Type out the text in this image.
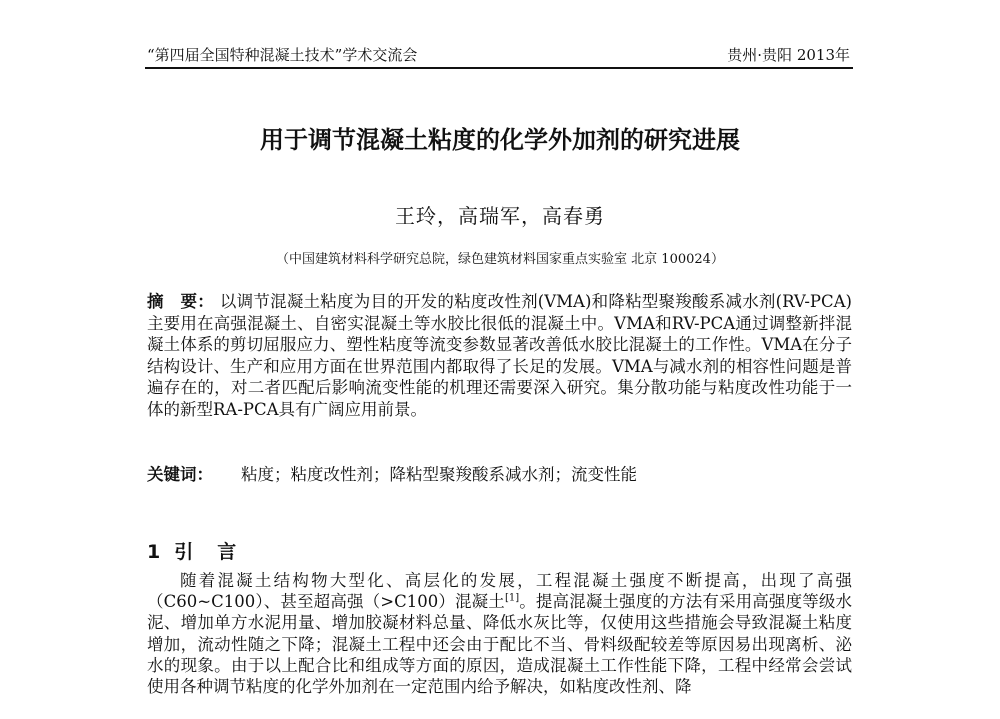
“第四届全国特种混凝土技术”学术交流会	贵州·贵阳 2013年
用于调节混凝土粘度的化学外加剂的研究进展
王玲，高瑞军，高春勇
（中国建筑材料科学研究总院，绿色建筑材料国家重点实验室 北京 100024）
摘　要： 以调节混凝土粘度为目的开发的粘度改性剂(VMA)和降粘型聚羧酸系减水剂(RV-PCA)主要用在高强混凝土、自密实混凝土等水胶比很低的混凝土中。VMA和RV-PCA通过调整新拌混凝土体系的剪切屈服应力、塑性粘度等流变参数显著改善低水胶比混凝土的工作性。VMA在分子结构设计、生产和应用方面在世界范围内都取得了长足的发展。VMA与减水剂的相容性问题是普遍存在的，对二者匹配后影响流变性能的机理还需要深入研究。集分散功能与粘度改性功能于一体的新型RA-PCA具有广阔应用前景。
关键词： 粘度；粘度改性剂；降粘型聚羧酸系减水剂；流变性能
1 引言
随着混凝土结构物大型化、高层化的发展，工程混凝土强度不断提高，出现了高强（C60~C100）、甚至超高强（>C100）混凝土[1]。提高混凝土强度的方法有采用高强度等级水泥、增加单方水泥用量、增加胶凝材料总量、降低水灰比等，仅使用这些措施会导致混凝土粘度增加，流动性随之下降；混凝土工程中还会由于配比不当、骨料级配较差等原因易出现离析、泌水的现象。由于以上配合比和组成等方面的原因，造成混凝土工作性能下降，工程中经常会尝试使用各种调节粘度的化学外加剂在一定范围内给予解决，如粘度改性剂、降
